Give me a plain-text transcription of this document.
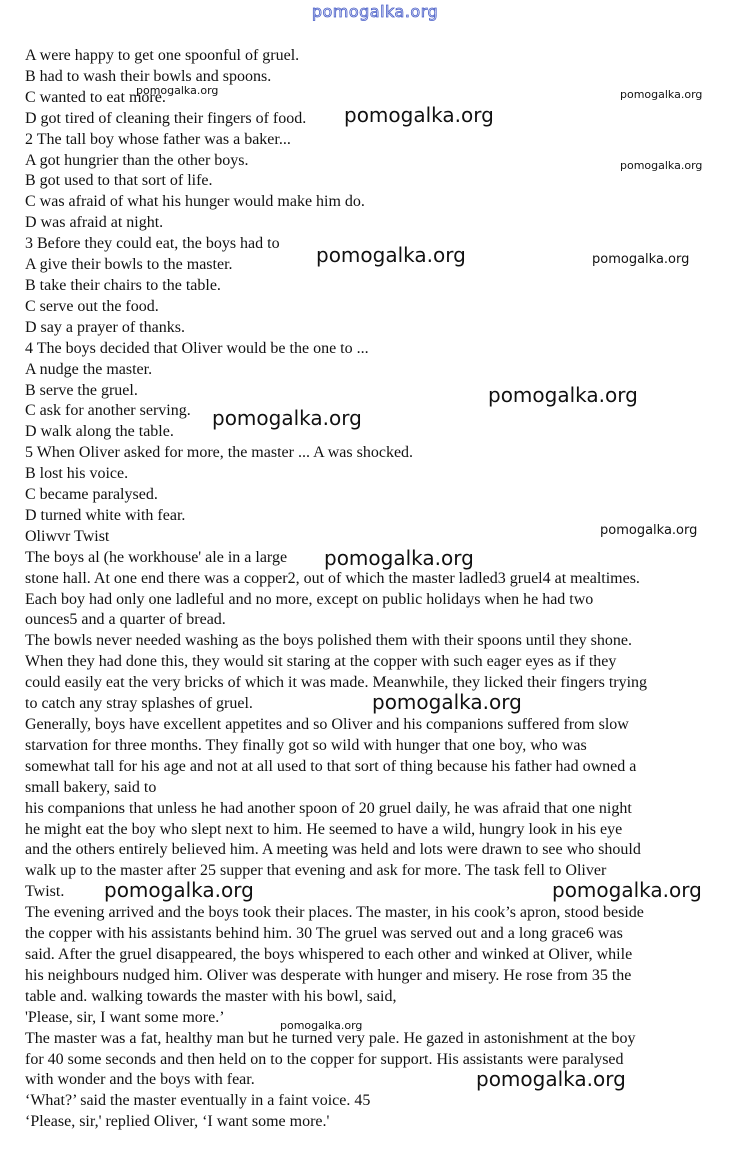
pomogalka.org

A were happy to get one spoonful of gruel.

B had to wash their bowls and spoons.

C wanted to eat more.

D got tired of cleaning their fingers of food.

2 The tall boy whose father was a baker...

A got hungrier than the other boys.

B got used to that sort of life.

C was afraid of what his hunger would make him do.

D was afraid at night.

3 Before they could eat, the boys had to

A give their bowls to the master.

B take their chairs to the table.

C serve out the food.

D say a prayer of thanks.

4 The boys decided that Oliver would be the one to ...

A nudge the master.

B serve the gruel.

C ask for another serving.

D walk along the table.

5 When Oliver asked for more, the master ... A was shocked.

B lost his voice.

C became paralysed.

D turned white with fear.

Oliwvr Twist

The boys al (he workhouse' ale in a large

stone hall. At one end there was a copper2, out of which the master ladled3 gruel4 at mealtimes.

Each boy had only one ladleful and no more, except on public holidays when he had two

ounces5 and a quarter of bread.

The bowls never needed washing as the boys polished them with their spoons until they shone.

When they had done this, they would sit staring at the copper with such eager eyes as if they

could easily eat the very bricks of which it was made. Meanwhile, they licked their fingers trying

to catch any stray splashes of gruel.

Generally, boys have excellent appetites and so Oliver and his companions suffered from slow

starvation for three months. They finally got so wild with hunger that one boy, who was

somewhat tall for his age and not at all used to that sort of thing because his father had owned a

small bakery, said to

his companions that unless he had another spoon of 20 gruel daily, he was afraid that one night

he might eat the boy who slept next to him. He seemed to have a wild, hungry look in his eye

and the others entirely believed him. A meeting was held and lots were drawn to see who should

walk up to the master after 25 supper that evening and ask for more. The task fell to Oliver

Twist.

The evening arrived and the boys took their places. The master, in his cook’s apron, stood beside

the copper with his assistants behind him. 30 The gruel was served out and a long grace6 was

said. After the gruel disappeared, the boys whispered to each other and winked at Oliver, while

his neighbours nudged him. Oliver was desperate with hunger and misery. He rose from 35 the

table and. walking towards the master with his bowl, said,

'Please, sir, I want some more.’

The master was a fat, healthy man but he turned very pale. He gazed in astonishment at the boy

for 40 some seconds and then held on to the copper for support. His assistants were paralysed

with wonder and the boys with fear.

‘What?’ said the master eventually in a faint voice. 45

‘Please, sir,' replied Oliver, ‘I want some more.'

pomogalka.org	pomogalka.org
pomogalka.org
pomogalka.org
pomogalka.org	pomogalka.org
pomogalka.org
pomogalka.org
pomogalka.org
pomogalka.org
pomogalka.org
pomogalka.org	pomogalka.org
pomogalka.org
pomogalka.org
